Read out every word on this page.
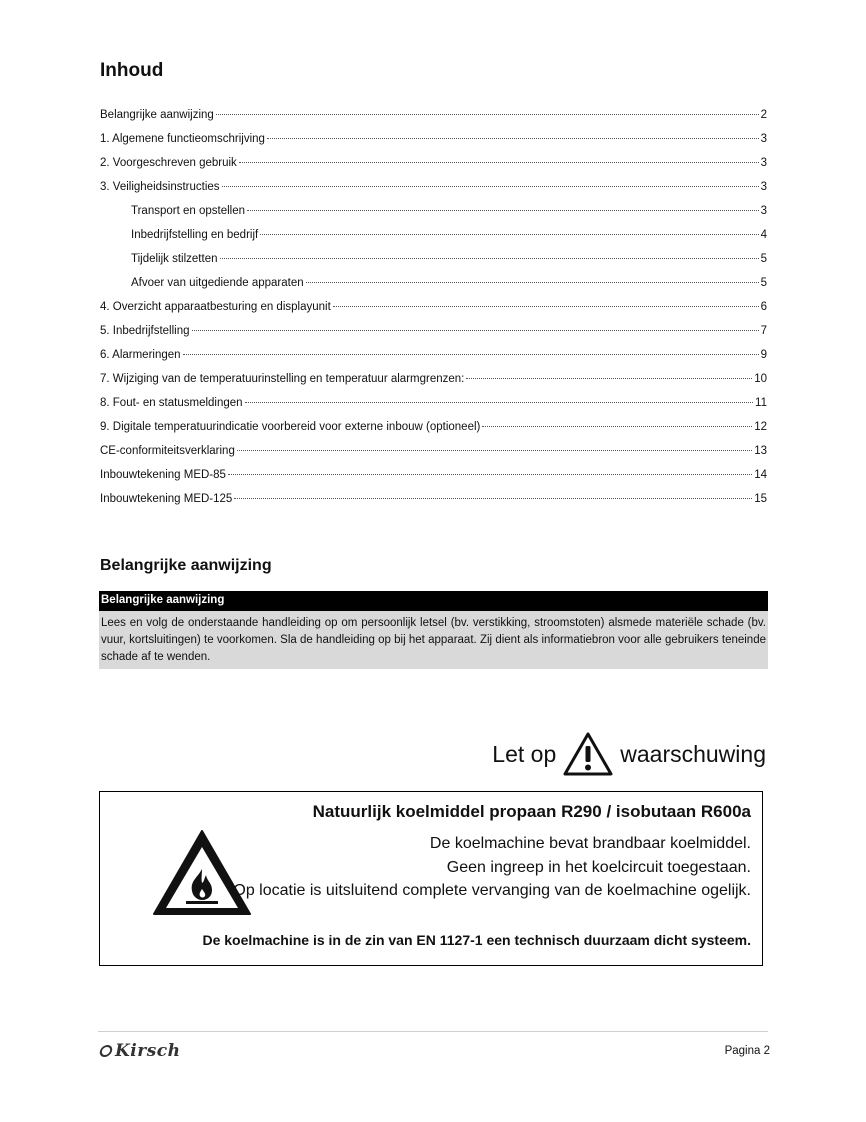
Inhoud
Belangrijke aanwijzing	2
1. Algemene functieomschrijving	3
2. Voorgeschreven gebruik	3
3. Veiligheidsinstructies	3
Transport en opstellen	3
Inbedrijfstelling en bedrijf	4
Tijdelijk stilzetten	5
Afvoer van uitgediende apparaten	5
4. Overzicht apparaatbesturing en displayunit	6
5. Inbedrijfstelling	7
6. Alarmeringen	9
7. Wijziging van de temperatuurinstelling en temperatuur alarmgrenzen:	10
8. Fout- en statusmeldingen	11
9. Digitale temperatuurindicatie voorbereid voor externe inbouw (optioneel)	12
CE-conformiteitsverklaring	13
Inbouwtekening MED-85	14
Inbouwtekening MED-125	15
Belangrijke aanwijzing
Belangrijke aanwijzing
Lees en volg de onderstaande handleiding op om persoonlijk letsel (bv. verstikking, stroomstoten) alsmede materiële schade (bv. vuur, kortsluitingen) te voorkomen. Sla de handleiding op bij het apparaat. Zij dient als informatiebron voor alle gebruikers teneinde schade af te wenden.
Let op	waarschuwing
Natuurlijk koelmiddel propaan R290 / isobutaan R600a
De koelmachine bevat brandbaar koelmiddel.
Geen ingreep in het koelcircuit toegestaan.
Op locatie is uitsluitend complete vervanging van de koelmachine ogelijk.
De koelmachine is in de zin van EN 1127-1 een technisch duurzaam dicht systeem.
Kirsch	Pagina 2
